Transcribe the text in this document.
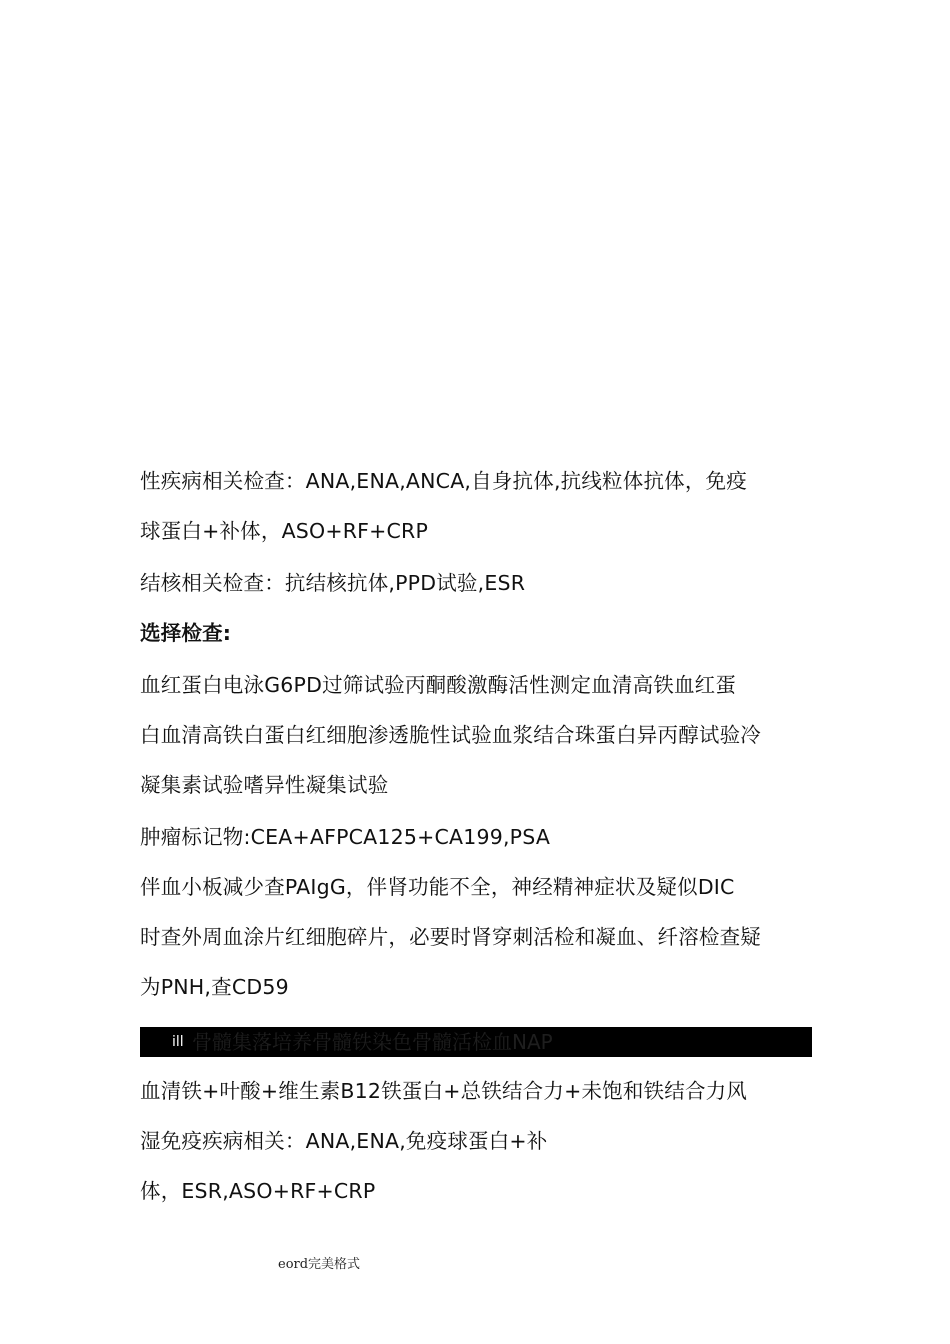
性疾病相关检查：ANA,ENA,ANCA,自身抗体,抗线粒体抗体，免疫
球蛋白+补体，ASO+RF+CRP
结核相关检查：抗结核抗体,PPD试验,ESR
选择检查:
血红蛋白电泳G6PD过筛试验丙酮酸激酶活性测定血清高铁血红蛋
白血清高铁白蛋白红细胞渗透脆性试验血浆结合珠蛋白异丙醇试验冷
凝集素试验嗜异性凝集试验
肿瘤标记物:CEA+AFPCA125+CA199,PSA
伴血小板减少查PAIgG，伴肾功能不全，神经精神症状及疑似DIC
时查外周血涂片红细胞碎片，必要时肾穿刺活检和凝血、纤溶检查疑
为PNH,查CD59
ill 骨髓集落培养骨髓铁染色骨髓活检血NAP
血清铁+叶酸+维生素B12铁蛋白+总铁结合力+未饱和铁结合力风
湿免疫疾病相关：ANA,ENA,免疫球蛋白+补
体，ESR,ASO+RF+CRP
eord完美格式
